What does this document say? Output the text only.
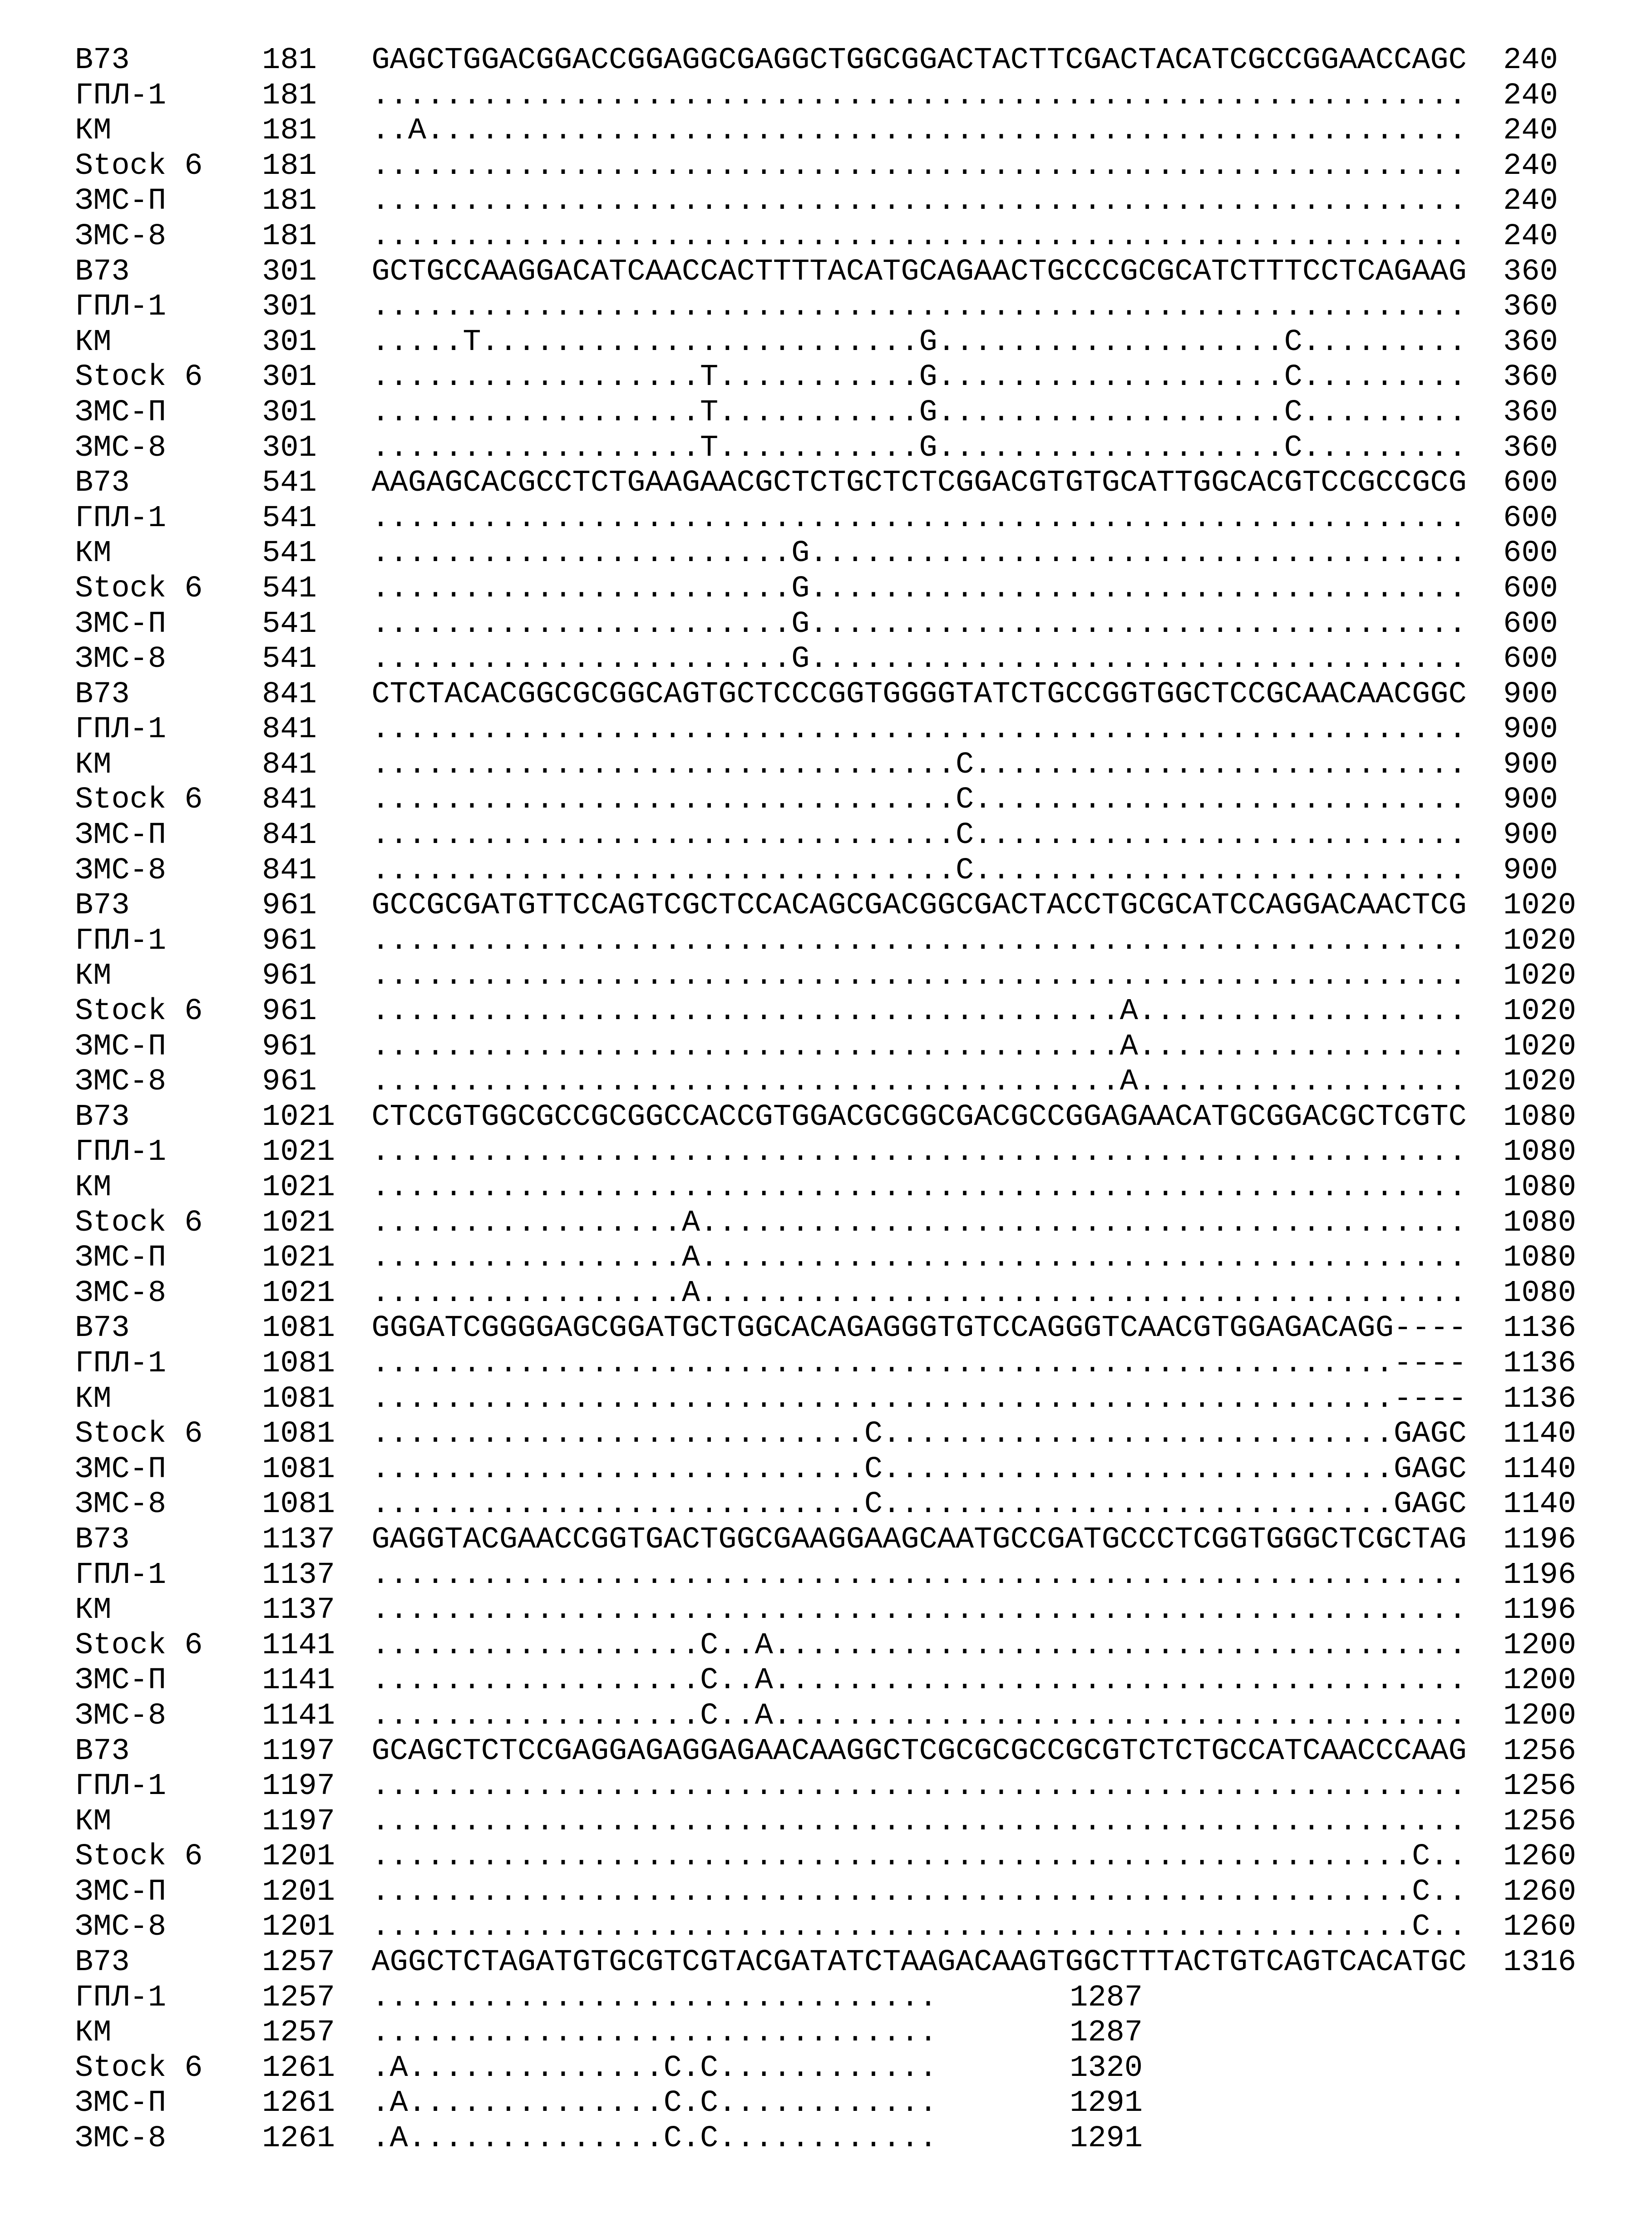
B73	181 GAGCTGGACGGACCGGAGGCGAGGCTGGCGGACTACTTCGACTACATCGCCGGAACCAGC 240
ГПЛ-1	181 ............................................................ 240
КМ	181 ..A......................................................... 240
Stock 6 181 ............................................................ 240
ЗМС-П	181 ............................................................ 240
ЗМС-8	181 ............................................................ 240
B73	301 GCTGCCAAGGACATCAACCACTTTTACATGCAGAACTGCCCGCGCATCTTTCCTCAGAAG 360
ГПЛ-1	301 ............................................................ 360
КМ	301 .....T........................G...................C......... 360
Stock 6 301 ..................T...........G...................C......... 360
ЗМС-П	301 ..................T...........G...................C......... 360
ЗМС-8	301 ..................T...........G...................C......... 360
B73	541 AAGAGCACGCCTCTGAAGAACGCTCTGCTCTCGGACGTGTGCATTGGCACGTCCGCCGCG 600
ГПЛ-1	541 ............................................................ 600
КМ	541 .......................G.................................... 600
Stock 6 541 .......................G.................................... 600
ЗМС-П	541 .......................G.................................... 600
ЗМС-8	541 .......................G.................................... 600
B73	841 CTCTACACGGCGCGGCAGTGCTCCCGGTGGGGTATCTGCCGGTGGCTCCGCAACAACGGC 900
ГПЛ-1	841 ............................................................ 900
КМ	841 ................................C........................... 900
Stock 6 841 ................................C........................... 900
ЗМС-П	841 ................................C........................... 900
ЗМС-8	841 ................................C........................... 900
B73	961 GCCGCGATGTTCCAGTCGCTCCACAGCGACGGCGACTACCTGCGCATCCAGGACAACTCG 1020
ГПЛ-1	961 ............................................................ 1020
КМ	961 ............................................................ 1020
Stock 6 961 .........................................A.................. 1020
ЗМС-П	961 .........................................A.................. 1020
ЗМС-8	961 .........................................A.................. 1020
B73	1021 CTCCGTGGCGCCGCGGCCACCGTGGACGCGGCGACGCCGGAGAACATGCGGACGCTCGTC 1080
ГПЛ-1	1021 ............................................................ 1080
КМ	1021 ............................................................ 1080
Stock 6 1021 .................A.......................................... 1080
ЗМС-П	1021 .................A.......................................... 1080
ЗМС-8	1021 .................A.......................................... 1080
B73	1081 GGGATCGGGGAGCGGATGCTGGCACAGAGGGTGTCCAGGGTCAACGTGGAGACAGG---- 1136
ГПЛ-1	1081 ........................................................---- 1136
КМ	1081 ........................................................---- 1136
Stock 6 1081 ...........................C............................GAGC 1140
ЗМС-П	1081 ...........................C............................GAGC 1140
ЗМС-8	1081 ...........................C............................GAGC 1140
B73	1137 GAGGTACGAACCGGTGACTGGCGAAGGAAGCAATGCCGATGCCCTCGGTGGGCTCGCTAG 1196
ГПЛ-1	1137 ............................................................ 1196
КМ	1137 ............................................................ 1196
Stock 6 1141 ..................C..A...................................... 1200
ЗМС-П	1141 ..................C..A...................................... 1200
ЗМС-8	1141 ..................C..A...................................... 1200
B73	1197 GCAGCTCTCCGAGGAGAGGAGAACAAGGCTCGCGCGCCGCGTCTCTGCCATCAACCCAAG 1256
ГПЛ-1	1197 ............................................................ 1256
КМ	1197 ............................................................ 1256
Stock 6 1201 .........................................................C.. 1260
ЗМС-П	1201 .........................................................C.. 1260
ЗМС-8	1201 .........................................................C.. 1260
B73	1257 AGGCTCTAGATGTGCGTCGTACGATATCTAAGACAAGTGGCTTTACTGTCAGTCACATGC 1316
ГПЛ-1	1257 ...............................	1287
КМ	1257 ...............................	1287
Stock 6 1261 .A..............C.C............	1320
ЗМС-П	1261 .A..............C.C............	1291
ЗМС-8	1261 .A..............C.C............	1291
